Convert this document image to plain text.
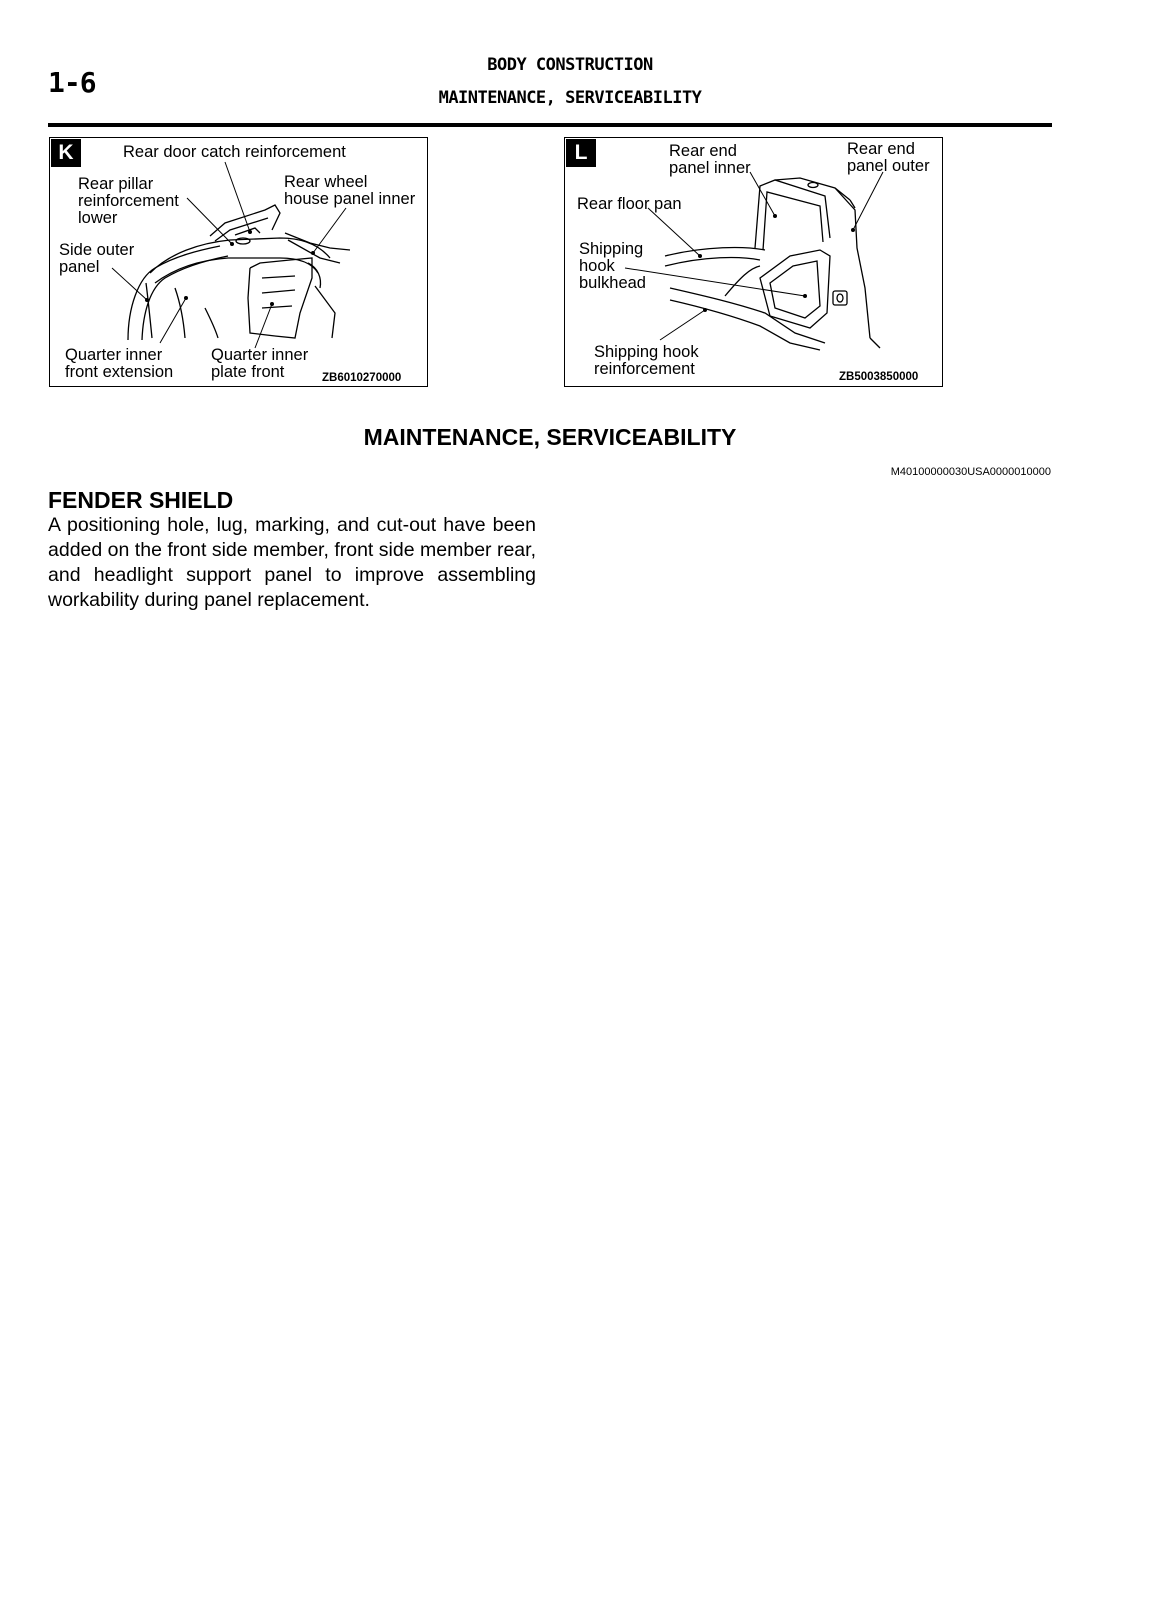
1-6
BODY CONSTRUCTION
MAINTENANCE, SERVICEABILITY
K	Rear door catch reinforcement
Rear pillar
reinforcement
lower
Rear wheel
house panel inner
Side outer
panel
Quarter inner
front extension
Quarter inner
plate front	ZB6010270000
L	Rear end
panel inner
Rear end
panel outer
Rear floor pan
Shipping
hook
bulkhead
Shipping hook
reinforcement	ZB5003850000
MAINTENANCE, SERVICEABILITY
M40100000030USA0000010000
FENDER SHIELD
A positioning hole, lug, marking, and cut-out have been added on the front side member, front side member rear, and headlight support panel to improve assembling workability during panel replacement.
